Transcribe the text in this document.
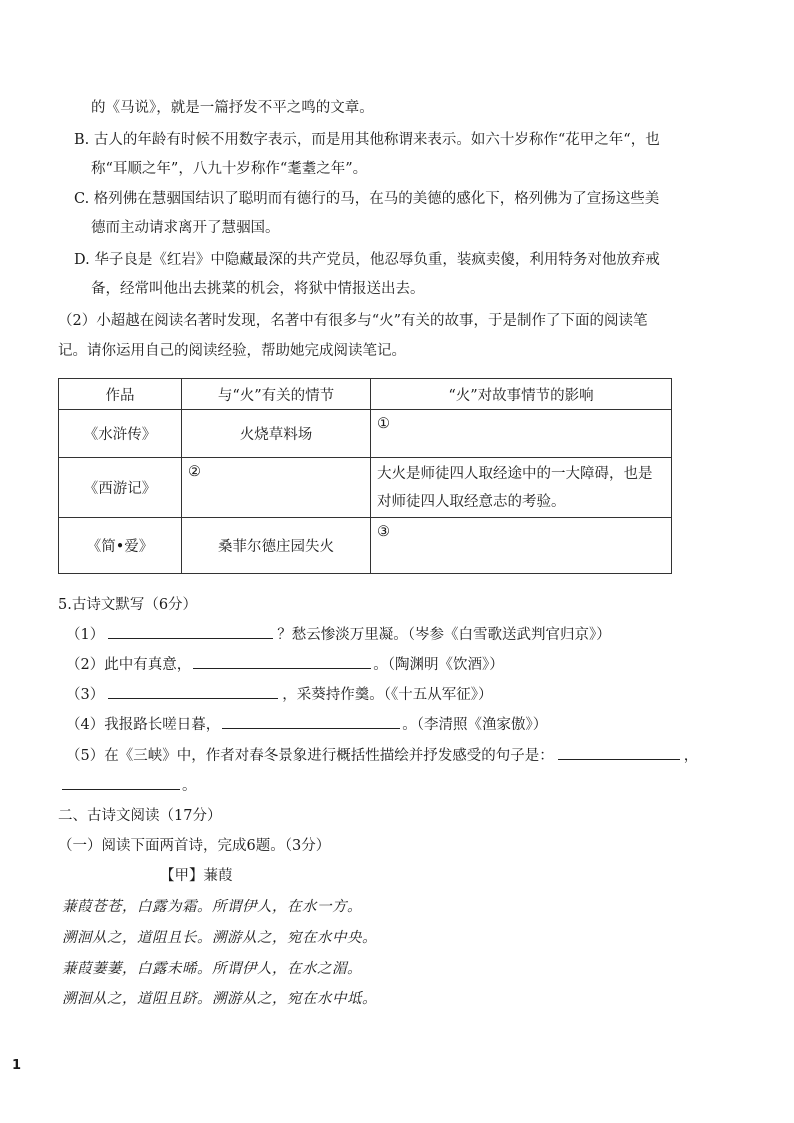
的《马说》，就是一篇抒发不平之鸣的文章。
B. 古人的年龄有时候不用数字表示，而是用其他称谓来表示。如六十岁称作“花甲之年“，也
称“耳顺之年”，八九十岁称作“耄耋之年”。
C. 格列佛在慧骃国结识了聪明而有德行的马，在马的美德的感化下，格列佛为了宣扬这些美
德而主动请求离开了慧骃国。
D. 华子良是《红岩》中隐藏最深的共产党员，他忍辱负重，装疯卖傻，利用特务对他放弃戒
备，经常叫他出去挑菜的机会，将狱中情报送出去。
（2）小超越在阅读名著时发现，名著中有很多与“火”有关的故事，于是制作了下面的阅读笔
记。请你运用自己的阅读经验，帮助她完成阅读笔记。
作品	与“火”有关的情节	“火”对故事情节的影响
《水浒传》	火烧草料场	①
《西游记》	②	大火是师徒四人取经途中的一大障碍，也是
对师徒四人取经意志的考验。

《简•爱》	桑菲尔德庄园失火	③
5.古诗文默写（6分）
（1）	？愁云惨淡万里凝。（岑参《白雪歌送武判官归京》）
（2）此中有真意，	。（陶渊明《饮酒》）
（3）	，采葵持作羹。（《十五从军征》）
（4）我报路长嗟日暮，	。（李清照《渔家傲》）
（5）在《三峡》中，作者对春冬景象进行概括性描绘并抒发感受的句子是：	，
。
二、古诗文阅读（17分）
（一）阅读下面两首诗，完成6题。（3分）
【甲】蒹葭
蒹葭苍苍，白露为霜。所谓伊人，在水一方。
溯洄从之，道阻且长。溯游从之，宛在水中央。
蒹葭萋萋，白露未晞。所谓伊人，在水之湄。
溯洄从之，道阻且跻。溯游从之，宛在水中坻。
1
